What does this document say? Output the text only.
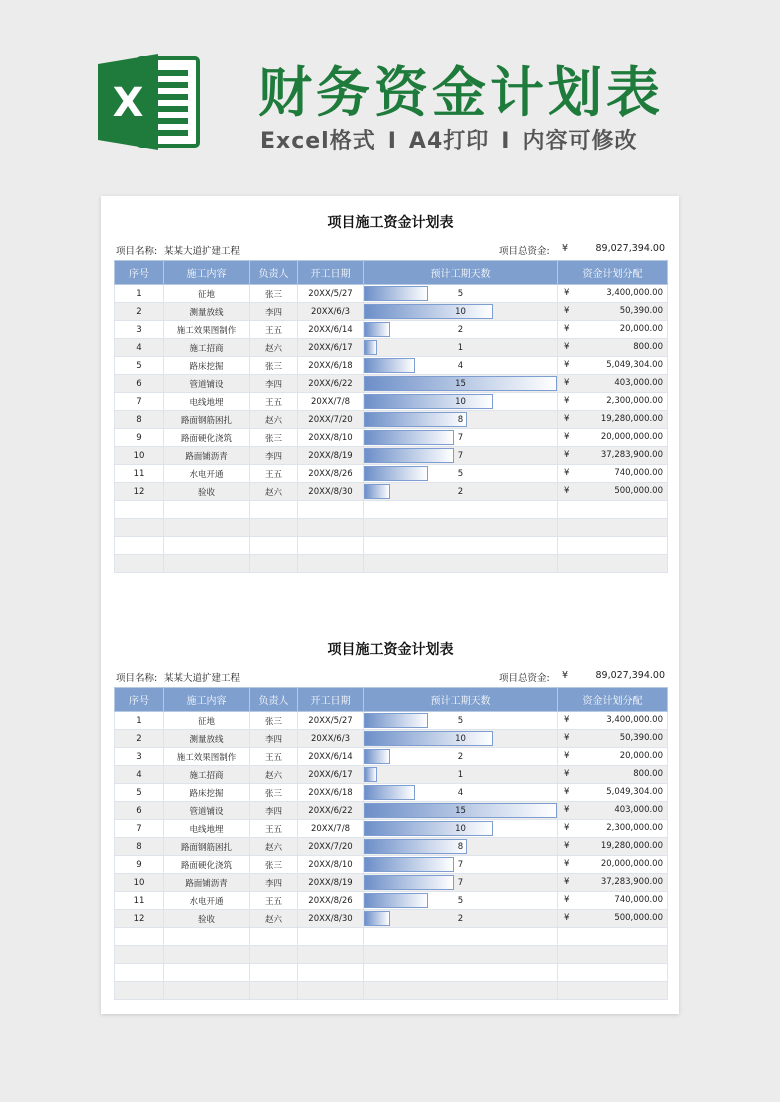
X 财务资金计划表
Excel格式 I A4打印 I 内容可修改
项目施工资金计划表
项目名称: 某某大道扩建工程	项目总资金: ¥	89,027,394.00
序号	施工内容	负责人	开工日期	预计工期天数	资金计划分配
1	征地	张三	20XX/5/27	5	¥ 3,400,000.00

2	测量放线	李四	20XX/6/3	10	¥ 50,390.00

3	施工效果图制作	王五	20XX/6/14	2	¥ 20,000.00

4	施工招商	赵六	20XX/6/17	1	¥ 800.00

5	路床挖掘	张三	20XX/6/18	4	¥ 5,049,304.00

6	管道铺设	李四	20XX/6/22	15	¥ 403,000.00

7	电线地埋	王五	20XX/7/8	10	¥ 2,300,000.00

8	路面钢筋困扎	赵六	20XX/7/20	8	¥ 19,280,000.00

9	路面硬化浇筑	张三	20XX/8/10	7	¥ 20,000,000.00

10	路面铺沥青	李四	20XX/8/19	7	¥ 37,283,900.00

11	水电开通	王五	20XX/8/26	5	¥ 740,000.00

12	验收	赵六	20XX/8/30	2	¥ 500,000.00

项目施工资金计划表
项目名称: 某某大道扩建工程	项目总资金: ¥	89,027,394.00
序号	施工内容	负责人	开工日期	预计工期天数	资金计划分配
1	征地	张三	20XX/5/27	5	¥ 3,400,000.00

2	测量放线	李四	20XX/6/3	10	¥ 50,390.00

3	施工效果图制作	王五	20XX/6/14	2	¥ 20,000.00

4	施工招商	赵六	20XX/6/17	1	¥ 800.00

5	路床挖掘	张三	20XX/6/18	4	¥ 5,049,304.00

6	管道铺设	李四	20XX/6/22	15	¥ 403,000.00

7	电线地埋	王五	20XX/7/8	10	¥ 2,300,000.00

8	路面钢筋困扎	赵六	20XX/7/20	8	¥ 19,280,000.00

9	路面硬化浇筑	张三	20XX/8/10	7	¥ 20,000,000.00

10	路面铺沥青	李四	20XX/8/19	7	¥ 37,283,900.00

11	水电开通	王五	20XX/8/26	5	¥ 740,000.00

12	验收	赵六	20XX/8/30	2	¥ 500,000.00
